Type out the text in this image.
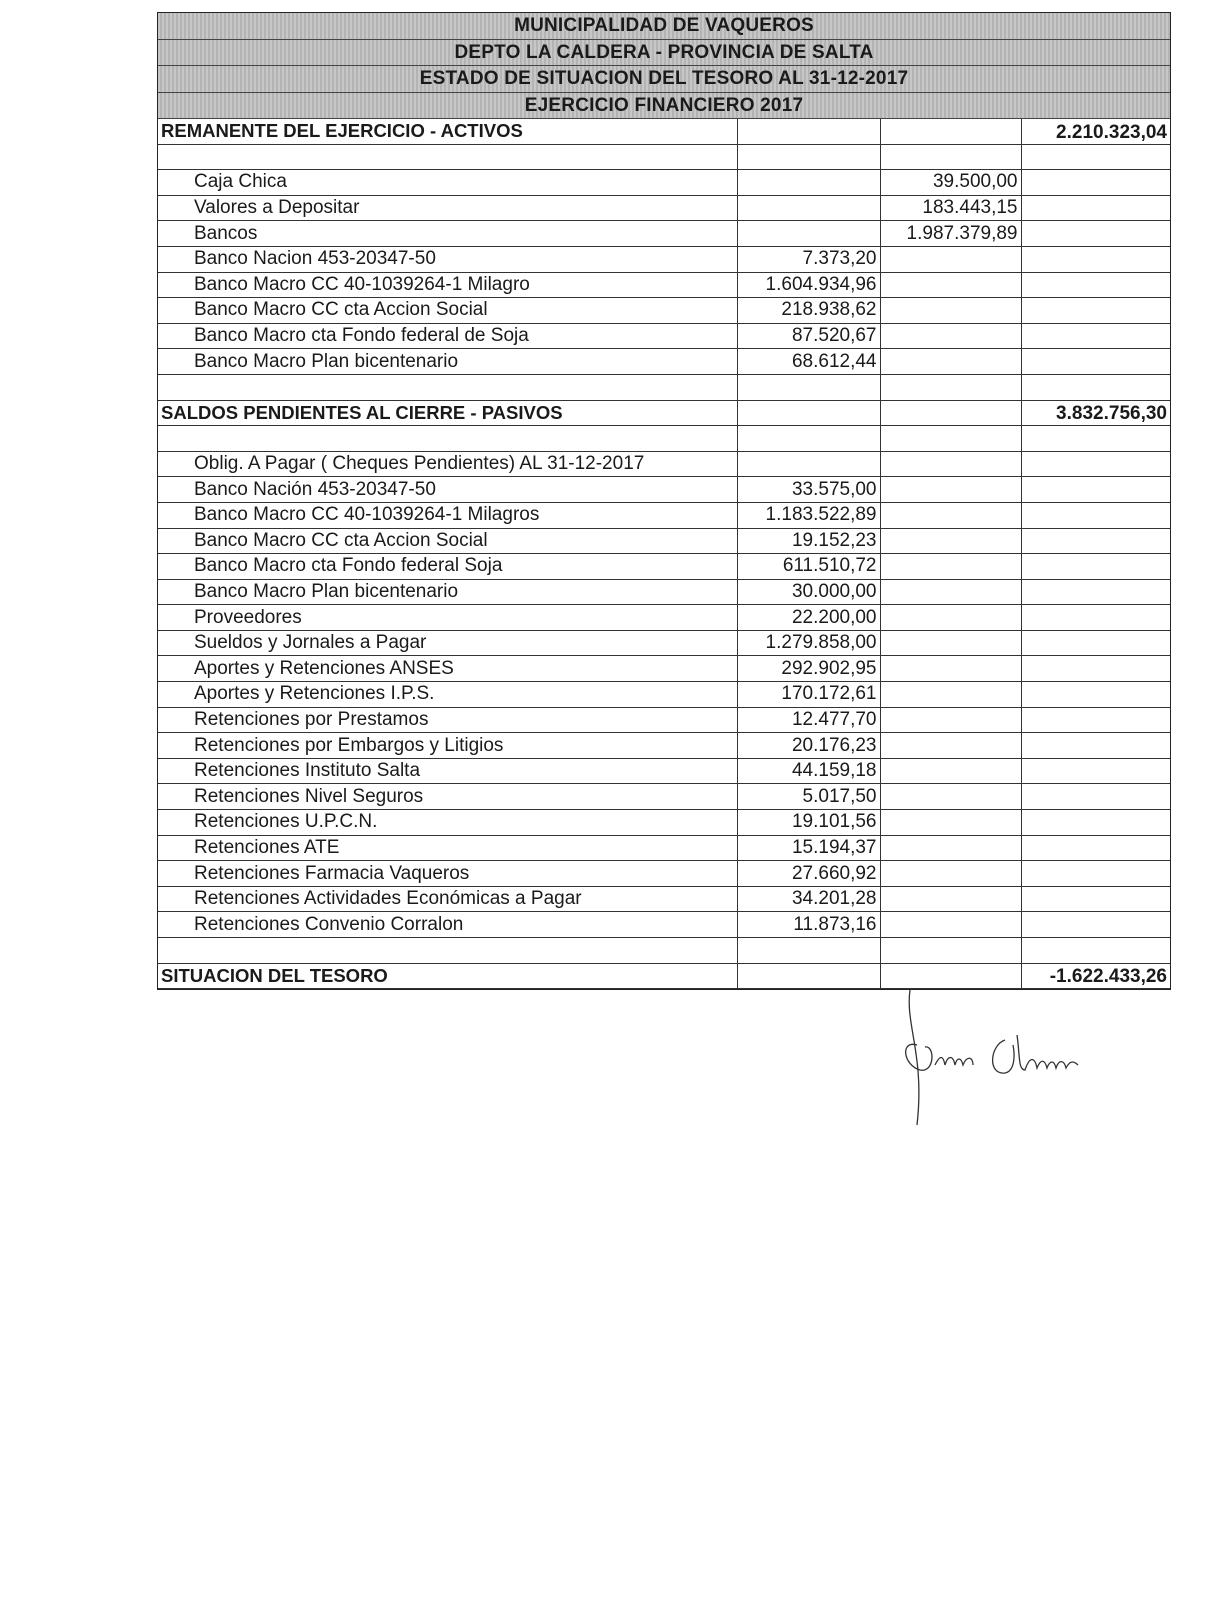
MUNICIPALIDAD DE VAQUEROS
DEPTO LA CALDERA - PROVINCIA DE SALTA
ESTADO DE SITUACION DEL TESORO AL 31-12-2017
EJERCICIO FINANCIERO 2017
REMANENTE DEL EJERCICIO - ACTIVOS			2.210.323,04

Caja Chica		39.500,00	
Valores a Depositar		183.443,15	
Bancos		1.987.379,89	
Banco Nacion 453-20347-50	7.373,20		
Banco Macro CC 40-1039264-1 Milagro	1.604.934,96		
Banco Macro CC cta Accion Social	218.938,62		
Banco Macro cta Fondo federal de Soja	87.520,67		
Banco Macro Plan bicentenario	68.612,44		

SALDOS PENDIENTES AL CIERRE - PASIVOS			3.832.756,30

Oblig. A Pagar ( Cheques Pendientes) AL 31-12-2017			
Banco Nación 453-20347-50	33.575,00		
Banco Macro CC 40-1039264-1 Milagros	1.183.522,89		
Banco Macro CC cta Accion Social	19.152,23		
Banco Macro cta Fondo federal Soja	611.510,72		
Banco Macro Plan bicentenario	30.000,00		
Proveedores	22.200,00		
Sueldos y Jornales a Pagar	1.279.858,00		
Aportes y Retenciones ANSES	292.902,95		
Aportes y Retenciones I.P.S.	170.172,61		
Retenciones por Prestamos	12.477,70		
Retenciones por Embargos y Litigios	20.176,23		
Retenciones Instituto Salta	44.159,18		
Retenciones Nivel Seguros	5.017,50		
Retenciones U.P.C.N.	19.101,56		
Retenciones ATE	15.194,37		
Retenciones Farmacia Vaqueros	27.660,92		
Retenciones Actividades Económicas a Pagar	34.201,28		
Retenciones Convenio Corralon	11.873,16		

SITUACION DEL TESORO			-1.622.433,26
